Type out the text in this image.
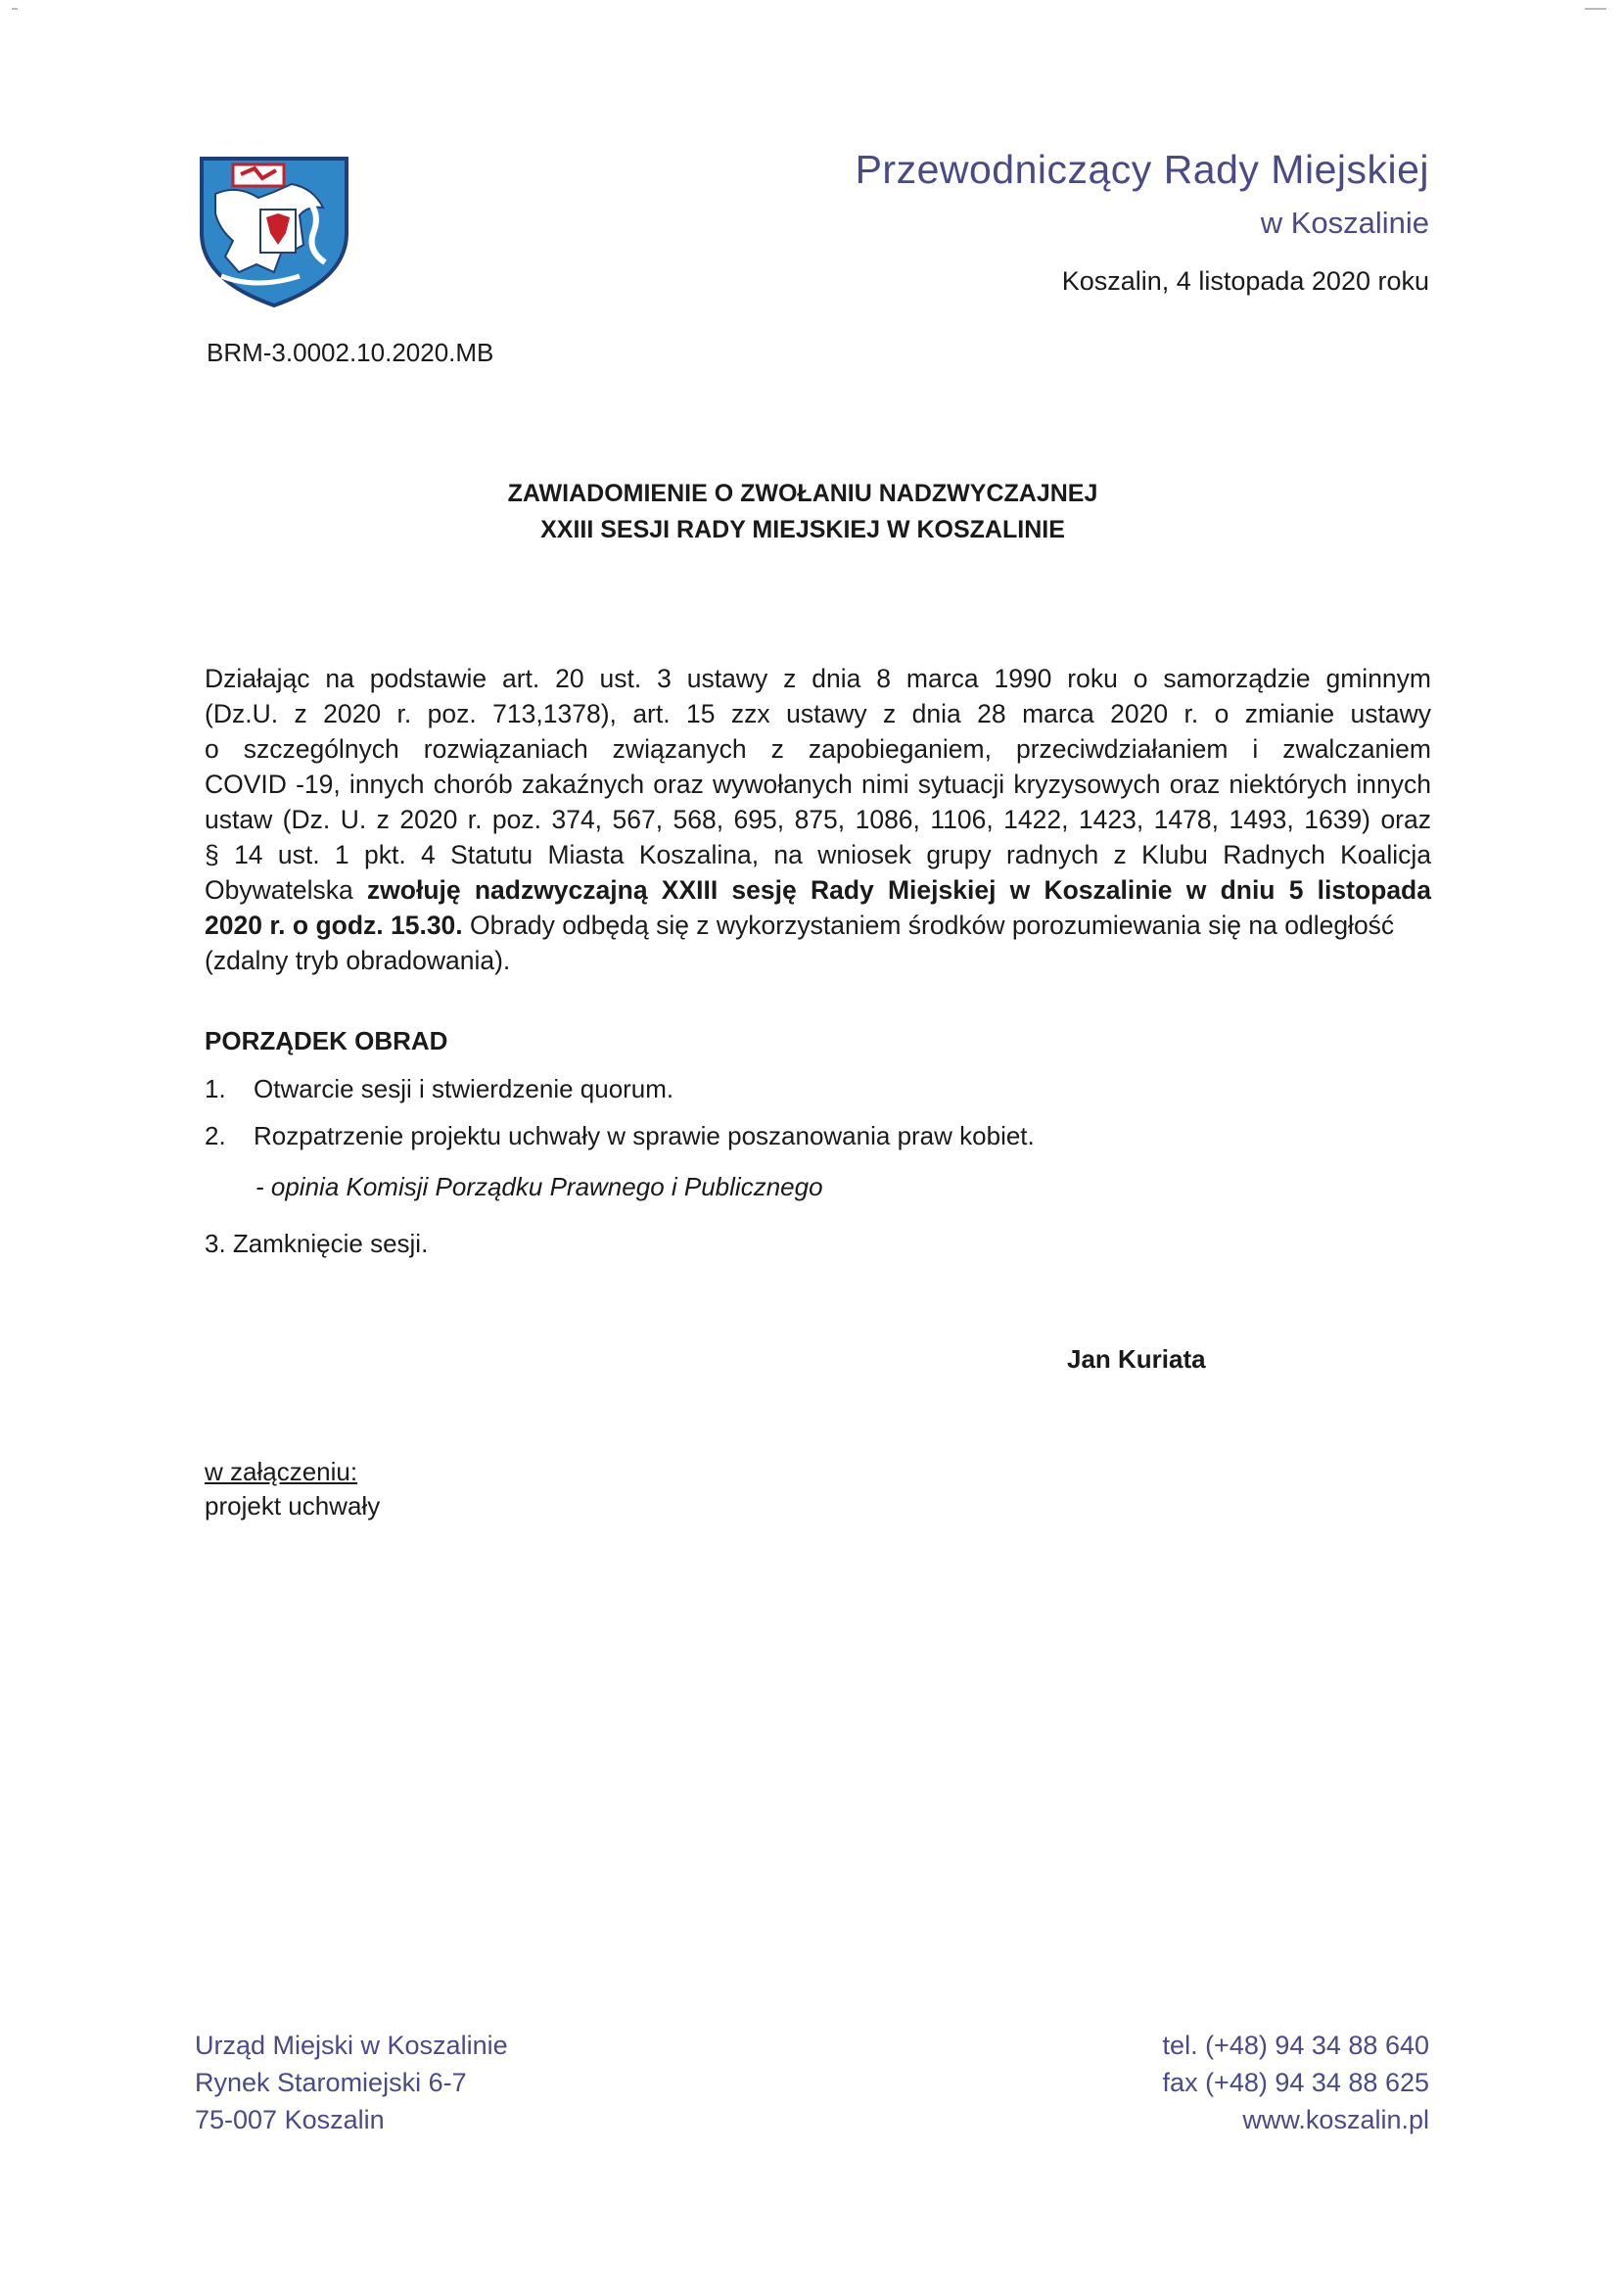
Przewodniczący Rady Miejskiej
w Koszalinie
Koszalin, 4 listopada 2020 roku
BRM-3.0002.10.2020.MB
ZAWIADOMIENIE O ZWOŁANIU NADZWYCZAJNEJ
XXIII SESJI RADY MIEJSKIEJ W KOSZALINIE
Działając na podstawie art. 20 ust. 3 ustawy z dnia 8 marca 1990 roku o samorządzie gminnym
(Dz.U. z 2020 r. poz. 713,1378), art. 15 zzx ustawy z dnia 28 marca 2020 r. o zmianie ustawy
o szczególnych rozwiązaniach związanych z zapobieganiem, przeciwdziałaniem i zwalczaniem
COVID -19, innych chorób zakaźnych oraz wywołanych nimi sytuacji kryzysowych oraz niektórych innych
ustaw (Dz. U. z 2020 r. poz. 374, 567, 568, 695, 875, 1086, 1106, 1422, 1423, 1478, 1493, 1639) oraz
§ 14 ust. 1 pkt. 4 Statutu Miasta Koszalina, na wniosek grupy radnych z Klubu Radnych Koalicja
Obywatelska zwołuję nadzwyczajną XXIII sesję Rady Miejskiej w Koszalinie w dniu 5 listopada
2020 r. o godz. 15.30. Obrady odbędą się z wykorzystaniem środków porozumiewania się na odległość
(zdalny tryb obradowania).
PORZĄDEK OBRAD
1. Otwarcie sesji i stwierdzenie quorum.
2. Rozpatrzenie projektu uchwały w sprawie poszanowania praw kobiet.
- opinia Komisji Porządku Prawnego i Publicznego
3. Zamknięcie sesji.
Jan Kuriata
w załączeniu:
projekt uchwały
Urząd Miejski w Koszalinie
Rynek Staromiejski 6-7
75-007 Koszalin
tel. (+48) 94 34 88 640
fax (+48) 94 34 88 625
www.koszalin.pl
